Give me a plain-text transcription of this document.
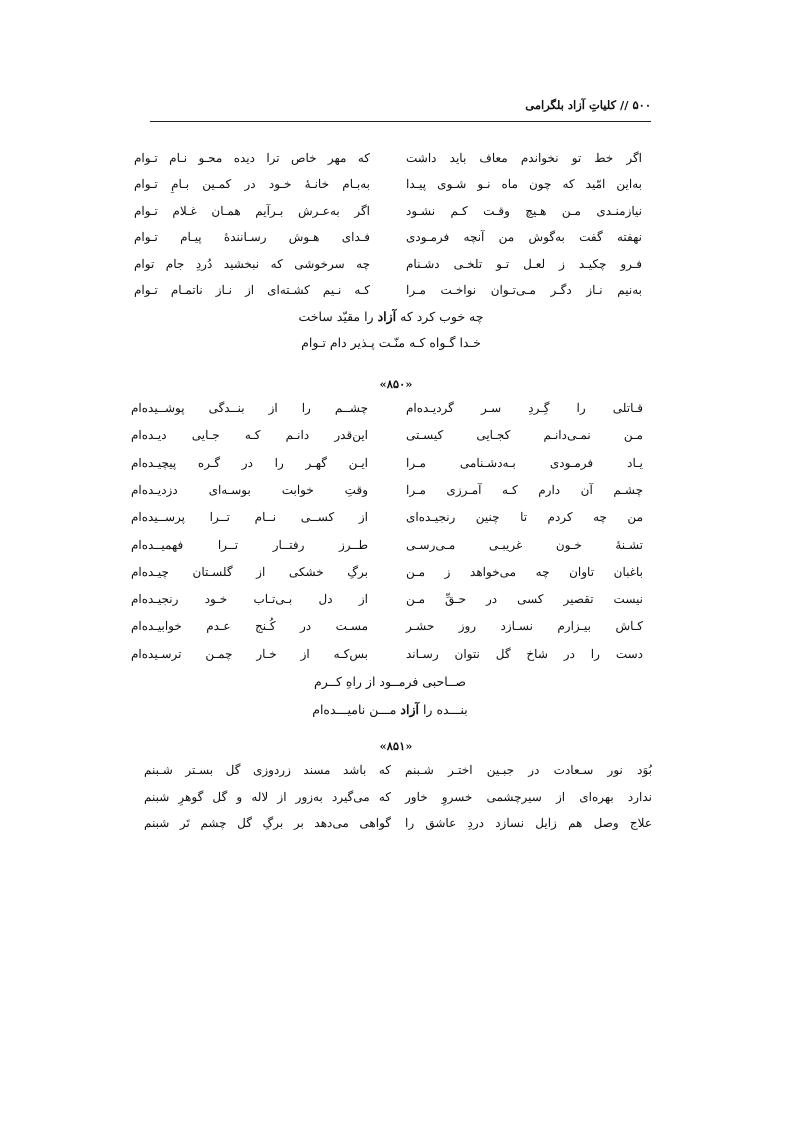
۵۰۰ // کلیاتِ آزاد بلگرامی
اگر خط تو نخواندم معاف باید داشت
که مهر خاص ترا دیده محـو نـام تـوام
به‌این امّید که چون ماه نـو شـوی پیـدا
به‌بـام خانـهٔ خـود در کمـین بـامِ تـوام
نیازمنـدی مـن هـیچ وقـت کـم نشـود
اگر به‌عـرش بـرآیم همـان غـلام تـوام
نهفته گفت به‌گوش من آنچه فرمـودی
فـدای هـوش رسـانندهٔ پیـام تـوام
فـرو چکیـد ز لعـل تـو تلخـی دشـنام
چه سرخوشی که نبخشید دُردِ جام توام
به‌نیم نـاز دگـر مـی‌تـوان نواخـت مـرا
کـه نـیم کشـته‌ای از نـاز ناتمـام تـوام
چه خوب کرد که آزاد را مقیّد ساخت
خـدا گـواه کـه منّـت پـذیر دام تـوام
«۸۵۰»
قـاتلی را گِـردِ سـر گردیـده‌ام
چشــم را از بنــدگی پوشــیده‌ام
مـن نمـی‌دانـم کجـایی کیسـتی
این‌قدر دانـم کـه جـایی دیـده‌ام
یـاد فرمـودی بـه‌دشـنامی مـرا
ایـن گهـر را در گـره پیچیـده‌ام
چشـم آن دارم کـه آمـرزی مـرا
وقتِ خوابت بوسـه‌ای دزدیـده‌ام
من چه کردم تا چنین رنجیـده‌ای
از کســی نــام تــرا پرســیده‌ام
تشـنهٔ خـون غریبـی مـی‌رسـی
طــرز رفتــار تــرا فهمیــده‌ام
باغبان تاوان چه می‌خواهد ز مـن
برگِ خشکی از گلسـتان چیـده‌ام
نیست تقصیر کسی در حـقِّ مـن
از دل بـی‌تـاب خـود رنجیـده‌ام
کـاش بیـزارم نسـازد روز حشـر
مسـت در کُـنج عـدم خوابیـده‌ام
دست را در شاخ گل نتوان رسـاند
بس‌کـه از خـار چمـن ترسـیده‌ام
صــاحبی فرمــود از راهِ کــرم
بنـــده را آزاد مـــن نامیـــده‌ام
«۸۵۱»
بُوَد نور سـعادت در جبـین اختـر شـبنم
که باشد مسند زردوزی گل بسـتر شـبنم
ندارد بهره‌ای از سیرچشمی خسروِ خاور
که می‌گیرد به‌زور از لاله و گل گوهرِ شبنم
علاج وصل هم زایل نسازد دردِ عاشق را
گواهی می‌دهد بر برگِ گل چشم تَر شبنم
